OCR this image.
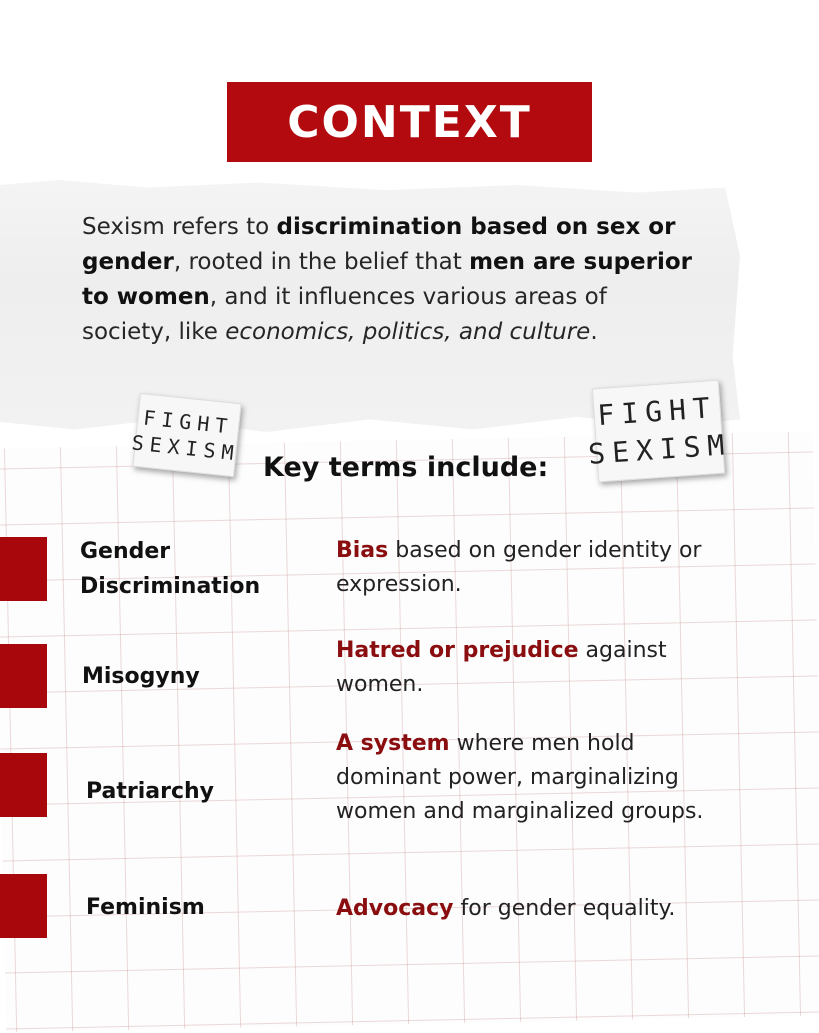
CONTEXT
Sexism refers to discrimination based on sex or gender, rooted in the belief that men are superior to women, and it influences various areas of society, like economics, politics, and culture.
FIGHT
SEXISM
FIGHT
SEXISM
Key terms include:
Gender
Discrimination
Bias based on gender identity or expression.
Misogyny
Hatred or prejudice against women.
Patriarchy
A system where men hold dominant power, marginalizing women and marginalized groups.
Feminism	Advocacy for gender equality.
